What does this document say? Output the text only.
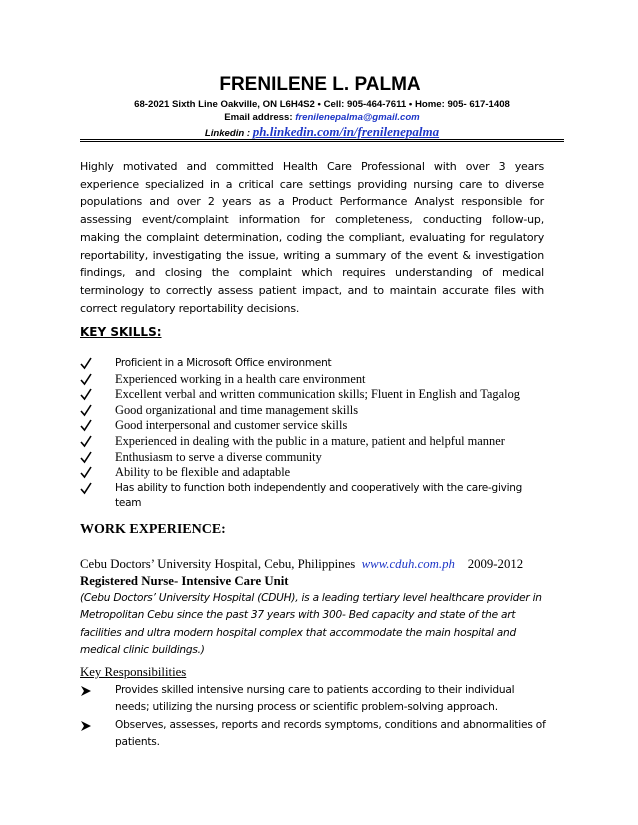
FRENILENE L. PALMA
68-2021 Sixth Line Oakville, ON L6H4S2 • Cell: 905-464-7611 • Home: 905- 617-1408
Email address: frenilenepalma@gmail.com
Linkedin : ph.linkedin.com/in/frenilenepalma
Highly motivated and committed Health Care Professional with over 3 years experience specialized in a critical care settings providing nursing care to diverse populations and over 2 years as a Product Performance Analyst responsible for assessing event/complaint information for completeness, conducting follow-up, making the complaint determination, coding the compliant, evaluating for regulatory reportability, investigating the issue, writing a summary of the event & investigation findings, and closing the complaint which requires understanding of medical terminology to correctly assess patient impact, and to maintain accurate files with correct regulatory reportability decisions.
KEY SKILLS:
Proficient in a Microsoft Office environment
Experienced working in a health care environment
Excellent verbal and written communication skills; Fluent in English and Tagalog
Good organizational and time management skills
Good interpersonal and customer service skills
Experienced in dealing with the public in a mature, patient and helpful manner
Enthusiasm to serve a diverse community
Ability to be flexible and adaptable
Has ability to function both independently and cooperatively with the care-giving team
WORK EXPERIENCE:
Cebu Doctors’ University Hospital, Cebu, Philippines www.cduh.com.ph 2009-2012
Registered Nurse- Intensive Care Unit
(Cebu Doctors’ University Hospital (CDUH), is a leading tertiary level healthcare provider in Metropolitan Cebu since the past 37 years with 300- Bed capacity and state of the art facilities and ultra modern hospital complex that accommodate the main hospital and medical clinic buildings.)
Key Responsibilities
Provides skilled intensive nursing care to patients according to their individual needs; utilizing the nursing process or scientific problem-solving approach.
Observes, assesses, reports and records symptoms, conditions and abnormalities of patients.
